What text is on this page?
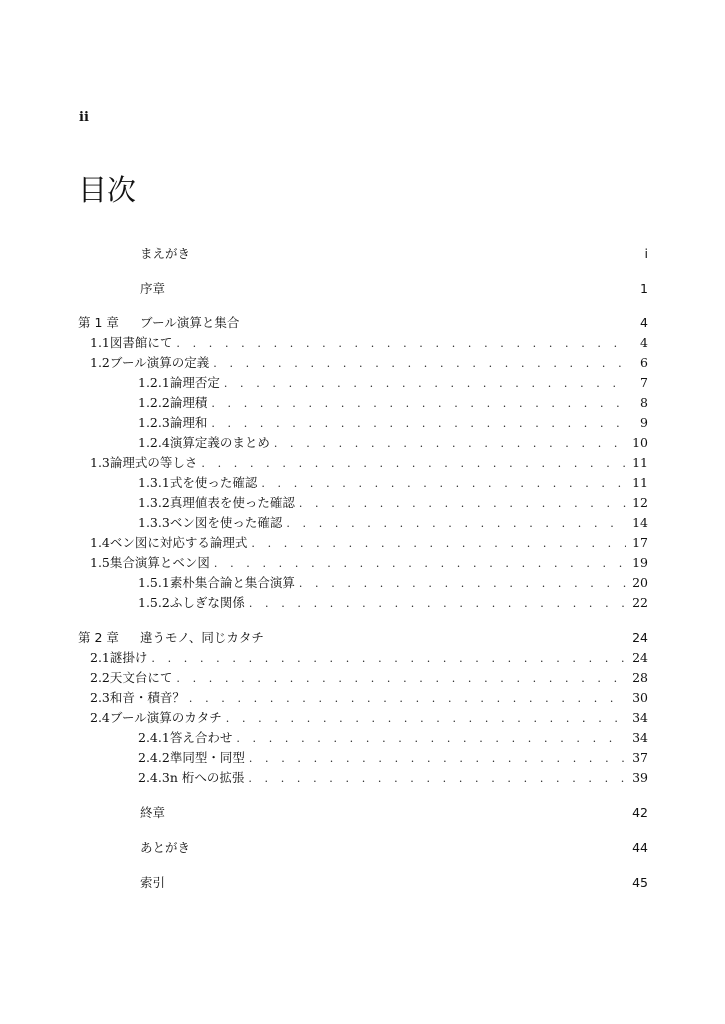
ii
目次
まえがき	i
序章	1
第 1 章	ブール演算と集合	4
1.1 図書館にて . . .	4
1.2 ブール演算の定義 . . .	6
1.2.1 論理否定 . . .	7
1.2.2 論理積 . . .	8
1.2.3 論理和 . . .	9
1.2.4 演算定義のまとめ . . .	10
1.3 論理式の等しさ . . .	11
1.3.1 式を使った確認 . . .	11
1.3.2 真理値表を使った確認 . . .	12
1.3.3 ベン図を使った確認 . . .	14
1.4 ベン図に対応する論理式 . . .	17
1.5 集合演算とベン図 . . .	19
1.5.1 素朴集合論と集合演算 . . .	20
1.5.2 ふしぎな関係 . . .	22
第 2 章	違うモノ、同じカタチ	24
2.1 謎掛け . . .	24
2.2 天文台にて . . .	28
2.3 和音・積音？ . . .	30
2.4 ブール演算のカタチ . . .	34
2.4.1 答え合わせ . . .	34
2.4.2 準同型・同型 . . .	37
2.4.3 n 桁への拡張 . . .	39
終章	42
あとがき	44
索引	45
